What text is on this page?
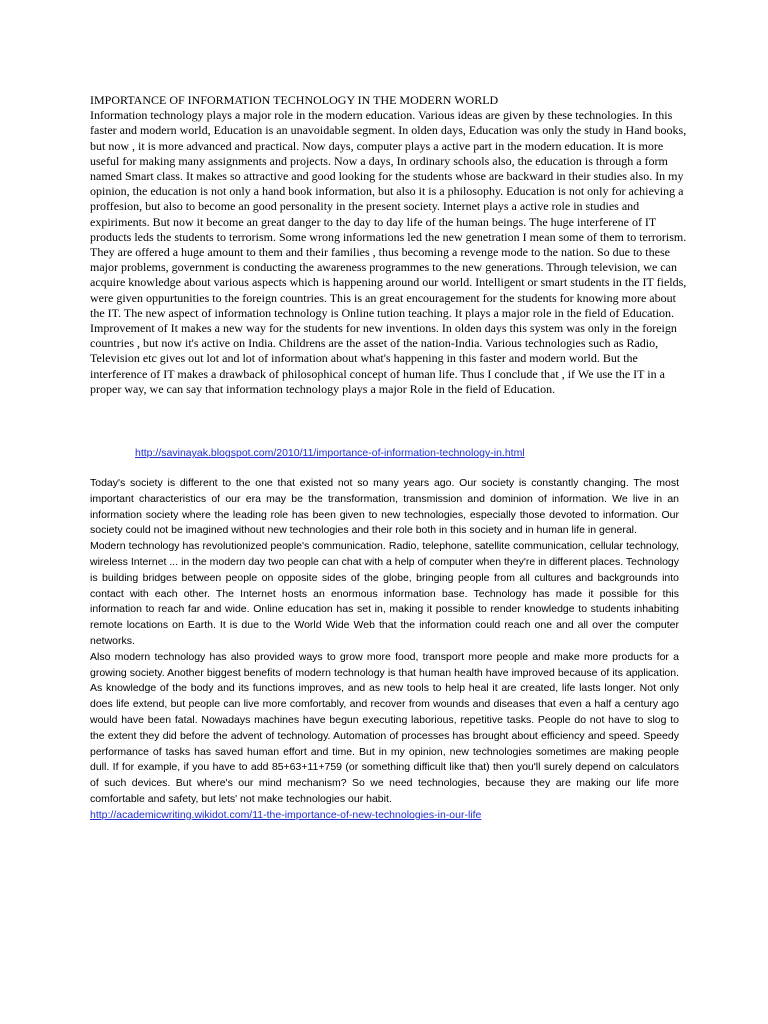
IMPORTANCE OF INFORMATION TECHNOLOGY IN THE MODERN WORLD

Information technology plays a major role in the modern education. Various ideas are given by these technologies. In this faster and modern world, Education is an unavoidable segment. In olden days, Education was only the study in Hand books, but now , it is more advanced and practical. Now days, computer plays a active part in the modern education. It is more useful for making many assignments and projects. Now a days, In ordinary schools also, the education is through a form named Smart class. It makes so attractive and good looking for the students whose are backward in their studies also. In my opinion, the education is not only a hand book information, but also it is a philosophy. Education is not only for achieving a proffesion, but also to become an good personality in the present society. Internet plays a active role in studies and expiriments. But now it become an great danger to the day to day life of the human beings. The huge interferene of IT products leds the students to terrorism. Some wrong informations led the new genetration I mean some of them to terrorism. They are offered a huge amount to them and their families , thus becoming a revenge mode to the nation. So due to these major problems, government is conducting the awareness programmes to the new generations. Through television, we can acquire knowledge about various aspects which is happening around our world. Intelligent or smart students in the IT fields, were given oppurtunities to the foreign countries. This is an great encouragement for the students for knowing more about the IT. The new aspect of information technology is Online tution teaching. It plays a major role in the field of Education. Improvement of It makes a new way for the students for new inventions. In olden days this system was only in the foreign countries , but now it's active on India. Childrens are the asset of the nation-India. Various technologies such as Radio, Television etc gives out lot and lot of information about what's happening in this faster and modern world. But the interference of IT makes a drawback of philosophical concept of human life. Thus I conclude that , if We use the IT in a proper way, we can say that information technology plays a major Role in the field of Education.

http://savinayak.blogspot.com/2010/11/importance-of-information-technology-in.html

Today's society is different to the one that existed not so many years ago. Our society is constantly changing. The most important characteristics of our era may be the transformation, transmission and dominion of information. We live in an information society where the leading role has been given to new technologies, especially those devoted to information. Our society could not be imagined without new technologies and their role both in this society and in human life in general.

Modern technology has revolutionized people's communication. Radio, telephone, satellite communication, cellular technology, wireless Internet ... in the modern day two people can chat with a help of computer when they're in different places. Technology is building bridges between people on opposite sides of the globe, bringing people from all cultures and backgrounds into contact with each other. The Internet hosts an enormous information base. Technology has made it possible for this information to reach far and wide. Online education has set in, making it possible to render knowledge to students inhabiting remote locations on Earth. It is due to the World Wide Web that the information could reach one and all over the computer networks.

Also modern technology has also provided ways to grow more food, transport more people and make more products for a growing society. Another biggest benefits of modern technology is that human health have improved because of its application. As knowledge of the body and its functions improves, and as new tools to help heal it are created, life lasts longer. Not only does life extend, but people can live more comfortably, and recover from wounds and diseases that even a half a century ago would have been fatal. Nowadays machines have begun executing laborious, repetitive tasks. People do not have to slog to the extent they did before the advent of technology. Automation of processes has brought about efficiency and speed. Speedy performance of tasks has saved human effort and time. But in my opinion, new technologies sometimes are making people dull. If for example, if you have to add 85+63+11+759 (or something difficult like that) then you'll surely depend on calculators of such devices. But where's our mind mechanism? So we need technologies, because they are making our life more comfortable and safety, but lets' not make technologies our habit.

http://academicwriting.wikidot.com/11-the-importance-of-new-technologies-in-our-life
